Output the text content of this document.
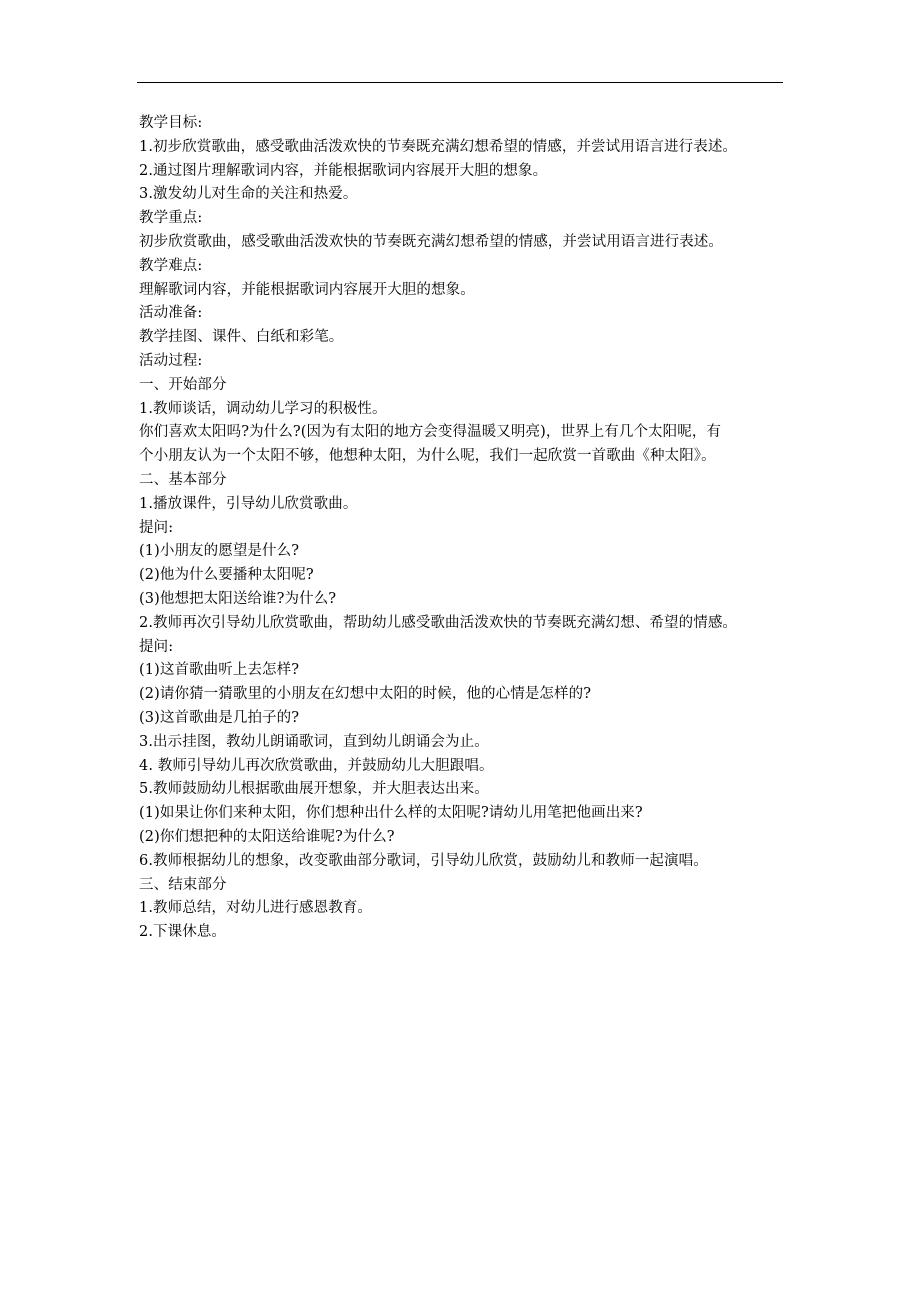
教学目标:

1.初步欣赏歌曲，感受歌曲活泼欢快的节奏既充满幻想希望的情感，并尝试用语言进行表述。

2.通过图片理解歌词内容，并能根据歌词内容展开大胆的想象。

3.激发幼儿对生命的关注和热爱。

教学重点:

初步欣赏歌曲，感受歌曲活泼欢快的节奏既充满幻想希望的情感，并尝试用语言进行表述。

教学难点:

理解歌词内容，并能根据歌词内容展开大胆的想象。

活动准备:

教学挂图、课件、白纸和彩笔。

活动过程:

一、开始部分

1.教师谈话，调动幼儿学习的积极性。

你们喜欢太阳吗?为什么?(因为有太阳的地方会变得温暖又明亮)，世界上有几个太阳呢，有

个小朋友认为一个太阳不够，他想种太阳，为什么呢，我们一起欣赏一首歌曲《种太阳》。

二、基本部分

1.播放课件，引导幼儿欣赏歌曲。

提问:

(1)小朋友的愿望是什么?

(2)他为什么要播种太阳呢?

(3)他想把太阳送给谁?为什么?

2.教师再次引导幼儿欣赏歌曲，帮助幼儿感受歌曲活泼欢快的节奏既充满幻想、希望的情感。

提问:

(1)这首歌曲听上去怎样?

(2)请你猜一猜歌里的小朋友在幻想中太阳的时候，他的心情是怎样的?

(3)这首歌曲是几拍子的?

3.出示挂图，教幼儿朗诵歌词，直到幼儿朗诵会为止。

4. 教师引导幼儿再次欣赏歌曲，并鼓励幼儿大胆跟唱。

5.教师鼓励幼儿根据歌曲展开想象，并大胆表达出来。

(1)如果让你们来种太阳，你们想种出什么样的太阳呢?请幼儿用笔把他画出来?

(2)你们想把种的太阳送给谁呢?为什么?

6.教师根据幼儿的想象，改变歌曲部分歌词，引导幼儿欣赏，鼓励幼儿和教师一起演唱。

三、结束部分

1.教师总结，对幼儿进行感恩教育。

2.下课休息。
